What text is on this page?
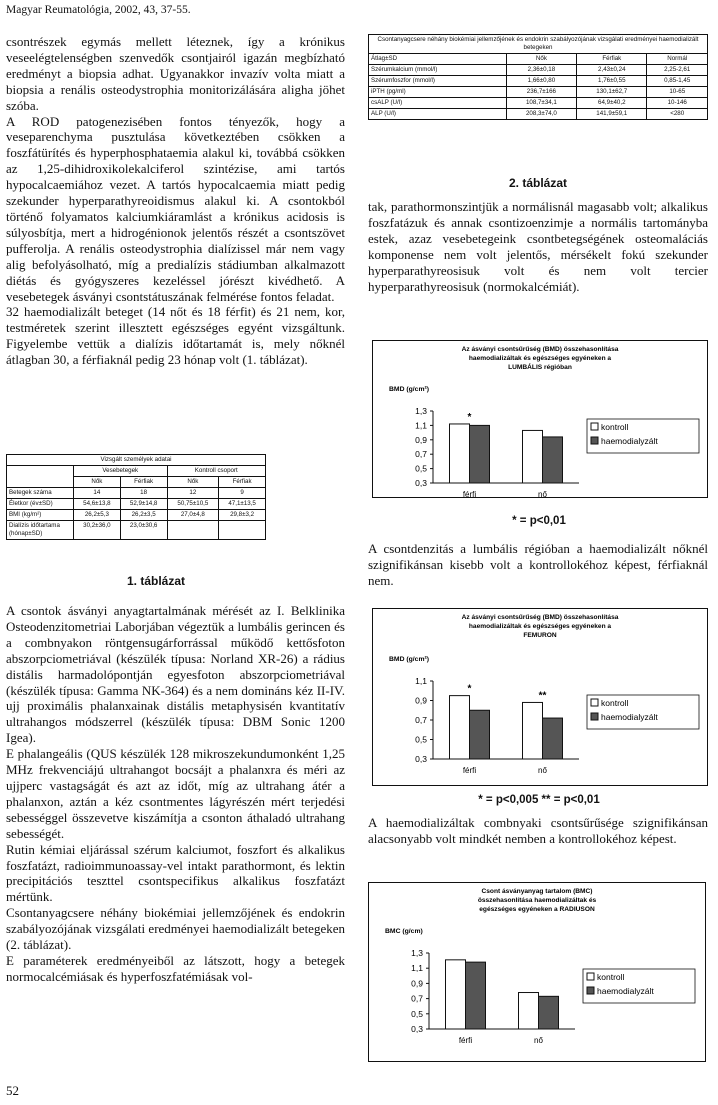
Magyar Reumatológia, 2002, 43, 37-55.

csontrészek egymás mellett léteznek, így a krónikus veseelégtelenségben szenvedők csontjairól igazán megbízható eredményt a biopsia adhat. Ugyanakkor invazív volta miatt a biopsia a renális osteodystrophia monitorizálására aligha jöhet szóba.

A ROD patogenezisében fontos tényezők, hogy a veseparenchyma pusztulása következtében csökken a foszfátürítés és hyperphosphataemia alakul ki, továbbá csökken az 1,25-dihidroxikolekalciferol szintézise, ami tartós hypocalcaemiához vezet. A tartós hypocalcaemia miatt pedig szekunder hyperparathyreoidismus alakul ki. A csontokból történő folyamatos kalciumkiáramlást a krónikus acidosis is súlyosbítja, mert a hidrogénionok jelentős részét a csontszövet pufferolja. A renális osteodystrophia dialízissel már nem vagy alig befolyásolható, míg a predialízis stádiumban alkalmazott diétás és gyógyszeres kezeléssel jórészt kivédhető. A vesebetegek ásványi csontstátuszának felmérése fontos feladat.

32 haemodializált beteget (14 nőt és 18 férfit) és 21 nem, kor, testméretek szerint illesztett egészséges egyént vizsgáltunk. Figyelembe vettük a dialízis időtartamát is, mely nőknél átlagban 30, a férfiaknál pedig 23 hónap volt (1. táblázat).

Vizsgált személyek adatai				
	Vesebetegek		Kontroll csoport	
	Nők	Férfiak	Nők	Férfiak
Betegek száma	14	18	12	9
Életkor (év±SD)	54,6±13,8	52,9±14,8	50,75±10,5	47,1±13,5
BMI (kg/m²)	26,2±5,3	26,2±3,5	27,0±4,8	29,8±3,2
Dialízis időtartama (hónap±SD)	30,2±36,0	23,0±30,6		
1. táblázat

A csontok ásványi anyagtartalmának mérését az I. Belklinika Osteodenzitometriai Laborjában végeztük a lumbális gerincen és a combnyakon röntgensugárforrással működő kettősfoton abszorpciometriával (készülék típusa: Norland XR-26) a rádius distális harmadolópontján egyesfoton abszorpciometriával (készülék típusa: Gamma NK-364) és a nem domináns kéz II-IV. ujj proximális phalanxainak distális metaphysisén kvantitatív ultrahangos módszerrel (készülék típusa: DBM Sonic 1200 Igea).

E phalangeális (QUS készülék 128 mikroszekundumonként 1,25 MHz frekvenciájú ultrahangot bocsájt a phalanxra és méri az ujjperc vastagságát és azt az időt, míg az ultrahang átér a phalanxon, aztán a kéz csontmentes lágyrészén mért terjedési sebességgel összevetve kiszámítja a csonton áthaladó ultrahang sebességét.

Rutin kémiai eljárással szérum kalciumot, foszfort és alkalikus foszfatázt, radioimmunoassay-vel intakt parathormont, és lektin precipitációs teszttel csontspecifikus alkalikus foszfatázt mértünk.

Csontanyagcsere néhány biokémiai jellemzőjének és endokrin szabályozójának vizsgálati eredményei haemodializált betegeken (2. táblázat).

E paraméterek eredményeiből az látszott, hogy a betegek normocalcémiásak és hyperfoszfatémiásak vol-

52
Csontanyagcsere néhány biokémiai jellemzőjének és endokrin szabályozójának vizsgálati eredményei haemodializált betegeken			
Átlag±SD	Nők	Férfiak	Normál
Szérumkalcium (mmol/l)	2,36±0,18	2,43±0,24	2,25-2,61
Szérumfoszfor (mmol/l)	1,66±0,80	1,76±0,55	0,85-1,45
iPTH (pg/ml)	236,7±166	130,1±62,7	10-65
csALP (U/l)	108,7±34,1	64,9±40,2	10-146
ALP (U/l)	208,3±74,0	141,9±59,1	<280
2. táblázat

tak, parathormonszintjük a normálisnál magasabb volt; alkalikus foszfatázuk és annak csontizoenzimje a normális tartományba estek, azaz vesebetegeink csontbetegségének osteomaláciás komponense nem volt jelentős, mérsékelt fokú szekunder hyperparathyreosisuk volt és nem volt tercier hyperparathyreosisuk (normokalcémiát).

Az ásványi csontsűrűség (BMD) összehasonlítása
haemodializáltak és egészséges egyéneken a
LUMBÁLIS régióban
BMD (g/cm²)
1,3
1,1
0,9
0,7
0,5
0,3
férfi	nő
*
kontroll
haemodialyzált
* = p<0,01

A csontdenzitás a lumbális régióban a haemodializált nőknél szignifikánsan kisebb volt a kontrollokéhoz képest, férfiaknál nem.

Az ásványi csontsűrűség (BMD) összehasonlítása
haemodializáltak és egészséges egyéneken a
FEMURON
BMD (g/cm²)
1,1
0,9
0,7
0,5
0,3
férfi	nő
*
**
kontroll
haemodialyzált
* = p<0,005 ** = p<0,01

A haemodializáltak combnyaki csontsűrűsége szignifikánsan alacsonyabb volt mindkét nemben a kontrollokéhoz képest.

Csont ásványanyag tartalom (BMC)
összehasonlítása haemodializáltak és
egészséges egyéneken a RADIUSON
BMC (g/cm)
1,3
1,1
0,9
0,7
0,5
0,3
férfi	nő
kontroll
haemodialyzált
